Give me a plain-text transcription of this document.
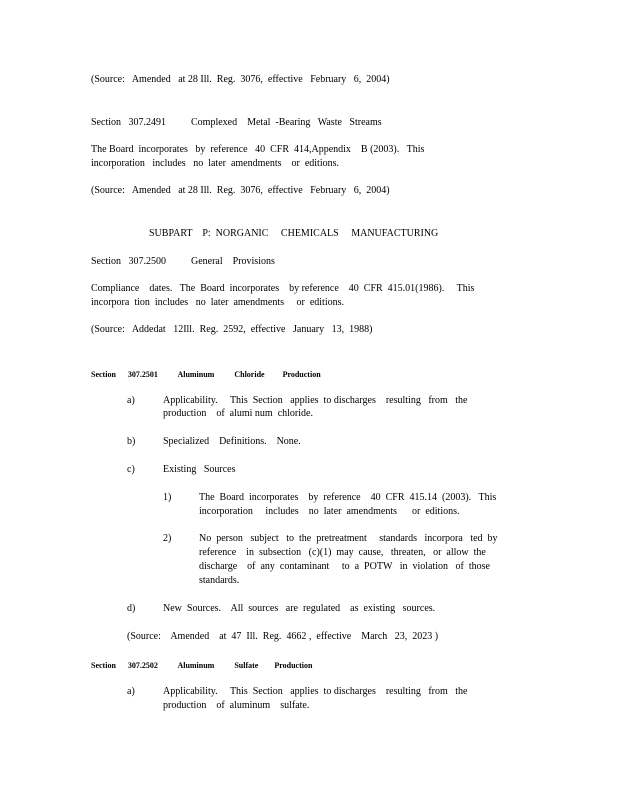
(Source:   Amended   at 28 Ill.  Reg.  3076,  effective   February   6,  2004)
Section   307.2491          Complexed    Metal  -Bearing   Waste   Streams
The Board  incorporates   by  reference   40  CFR  414,Appendix    B (2003).   This
incorporation   includes   no  later  amendments    or  editions.
(Source:   Amended   at 28 Ill.  Reg.  3076,  effective   February   6,  2004)
SUBPART    P:  NORGANIC     CHEMICALS     MANUFACTURING
Section   307.2500          General    Provisions
Compliance    dates.   The  Board  incorporates    by reference    40  CFR  415.01(1986).     This
incorpora  tion  includes   no  later  amendments     or  editions.
(Source:   Addedat   12Ill.  Reg.  2592,  effective   January   13,  1988)
Section      307.2501          Aluminum          Chloride         Production
a)	Applicability.     This  Section   applies  to discharges    resulting   from   the
production    of  alumi num  chloride.
b)	Specialized    Definitions.    None.
c)	Existing   Sources
1)	The  Board  incorporates    by  reference    40  CFR  415.14  (2003).   This
incorporation     includes    no  later  amendments      or  editions.
2)	No  person   subject   to  the  pretreatment     standards   incorpora   ted  by
reference    in  subsection   (c)(1)  may  cause,   threaten,   or  allow  the
discharge    of  any  contaminant     to  a  POTW   in  violation   of  those
standards.
d)	New  Sources.    All  sources   are  regulated    as  existing   sources.
(Source:    Amended    at  47  Ill.  Reg.  4662 ,  effective    March   23,  2023 )
Section      307.2502          Aluminum          Sulfate        Production
a)	Applicability.     This  Section   applies  to discharges    resulting   from   the
production    of  aluminum    sulfate.
